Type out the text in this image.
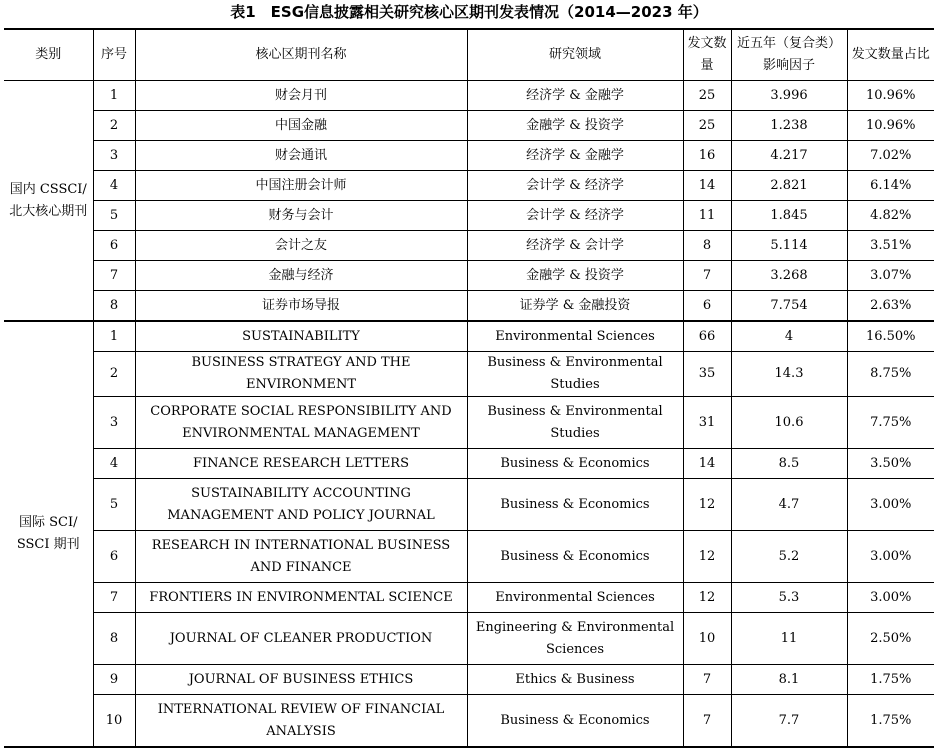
表1　ESG信息披露相关研究核心区期刊发表情况（2014—2023 年）
类别	序号	核心区期刊名称	研究领域	发文数量	近五年（复合类）影响因子	发文数量占比

国内 CSSCI/ 北大核心期刊	1	财会月刊	经济学 & 金融学	25	3.996	10.96%
	2	中国金融	金融学 & 投资学	25	1.238	10.96%
	3	财会通讯	经济学 & 金融学	16	4.217	7.02%
	4	中国注册会计师	会计学 & 经济学	14	2.821	6.14%
	5	财务与会计	会计学 & 经济学	11	1.845	4.82%
	6	会计之友	经济学 & 会计学	8	5.114	3.51%
	7	金融与经济	金融学 & 投资学	7	3.268	3.07%
	8	证券市场导报	证券学 & 金融投资	6	7.754	2.63%

国际 SCI/ SSCI 期刊	1	SUSTAINABILITY	Environmental Sciences	66	4	16.50%
	2	BUSINESS STRATEGY AND THE ENVIRONMENT	Business & Environmental Studies	35	14.3	8.75%
	3	CORPORATE SOCIAL RESPONSIBILITY AND ENVIRONMENTAL MANAGEMENT	Business & Environmental Studies	31	10.6	7.75%
	4	FINANCE RESEARCH LETTERS	Business & Economics	14	8.5	3.50%
	5	SUSTAINABILITY ACCOUNTING MANAGEMENT AND POLICY JOURNAL	Business & Economics	12	4.7	3.00%
	6	RESEARCH IN INTERNATIONAL BUSINESS AND FINANCE	Business & Economics	12	5.2	3.00%
	7	FRONTIERS IN ENVIRONMENTAL SCIENCE	Environmental Sciences	12	5.3	3.00%
	8	JOURNAL OF CLEANER PRODUCTION	Engineering & Environmental Sciences	10	11	2.50%
	9	JOURNAL OF BUSINESS ETHICS	Ethics & Business	7	8.1	1.75%
	10	INTERNATIONAL REVIEW OF FINANCIAL ANALYSIS	Business & Economics	7	7.7	1.75%
